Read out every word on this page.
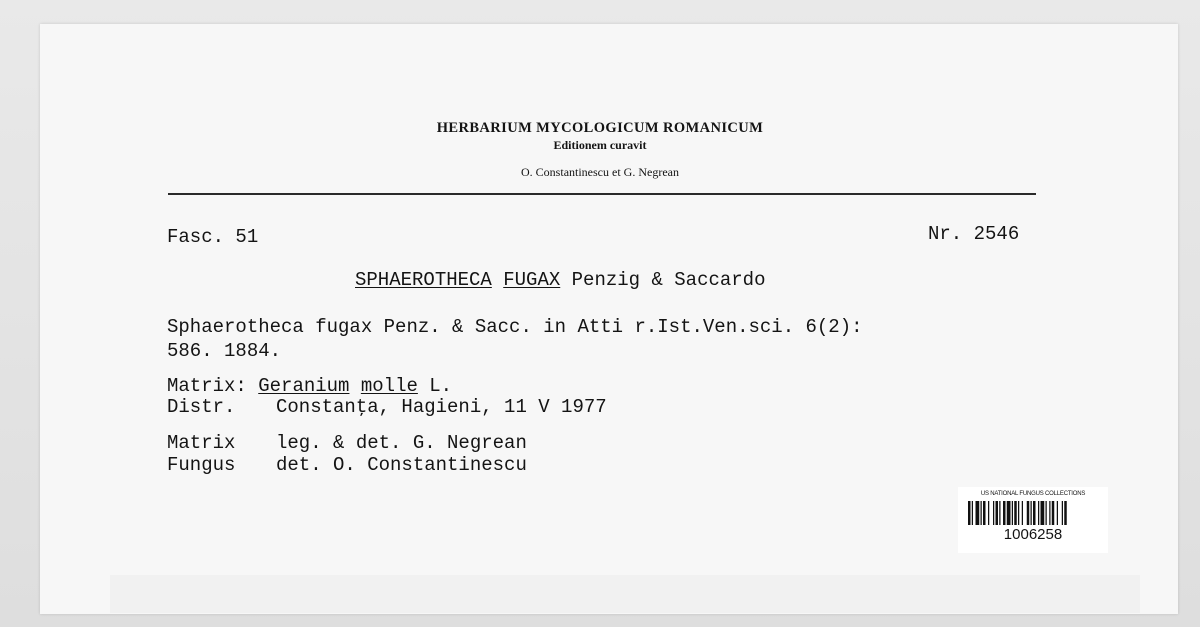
HERBARIUM MYCOLOGICUM ROMANICUM
Editionem curavit
O. Constantinescu et G. Negrean
Fasc. 51	Nr. 2546
SPHAEROTHECA FUGAX Penzig & Saccardo
Sphaerotheca fugax Penz. & Sacc. in Atti r.Ist.Ven.sci. 6(2):
586. 1884.
Matrix: Geranium molle L.
Distr. Constanţa, Hagieni, 11 V 1977
Matrix leg. & det. G. Negrean
Fungus det. O. Constantinescu
US NATIONAL FUNGUS COLLECTIONS
1006258
